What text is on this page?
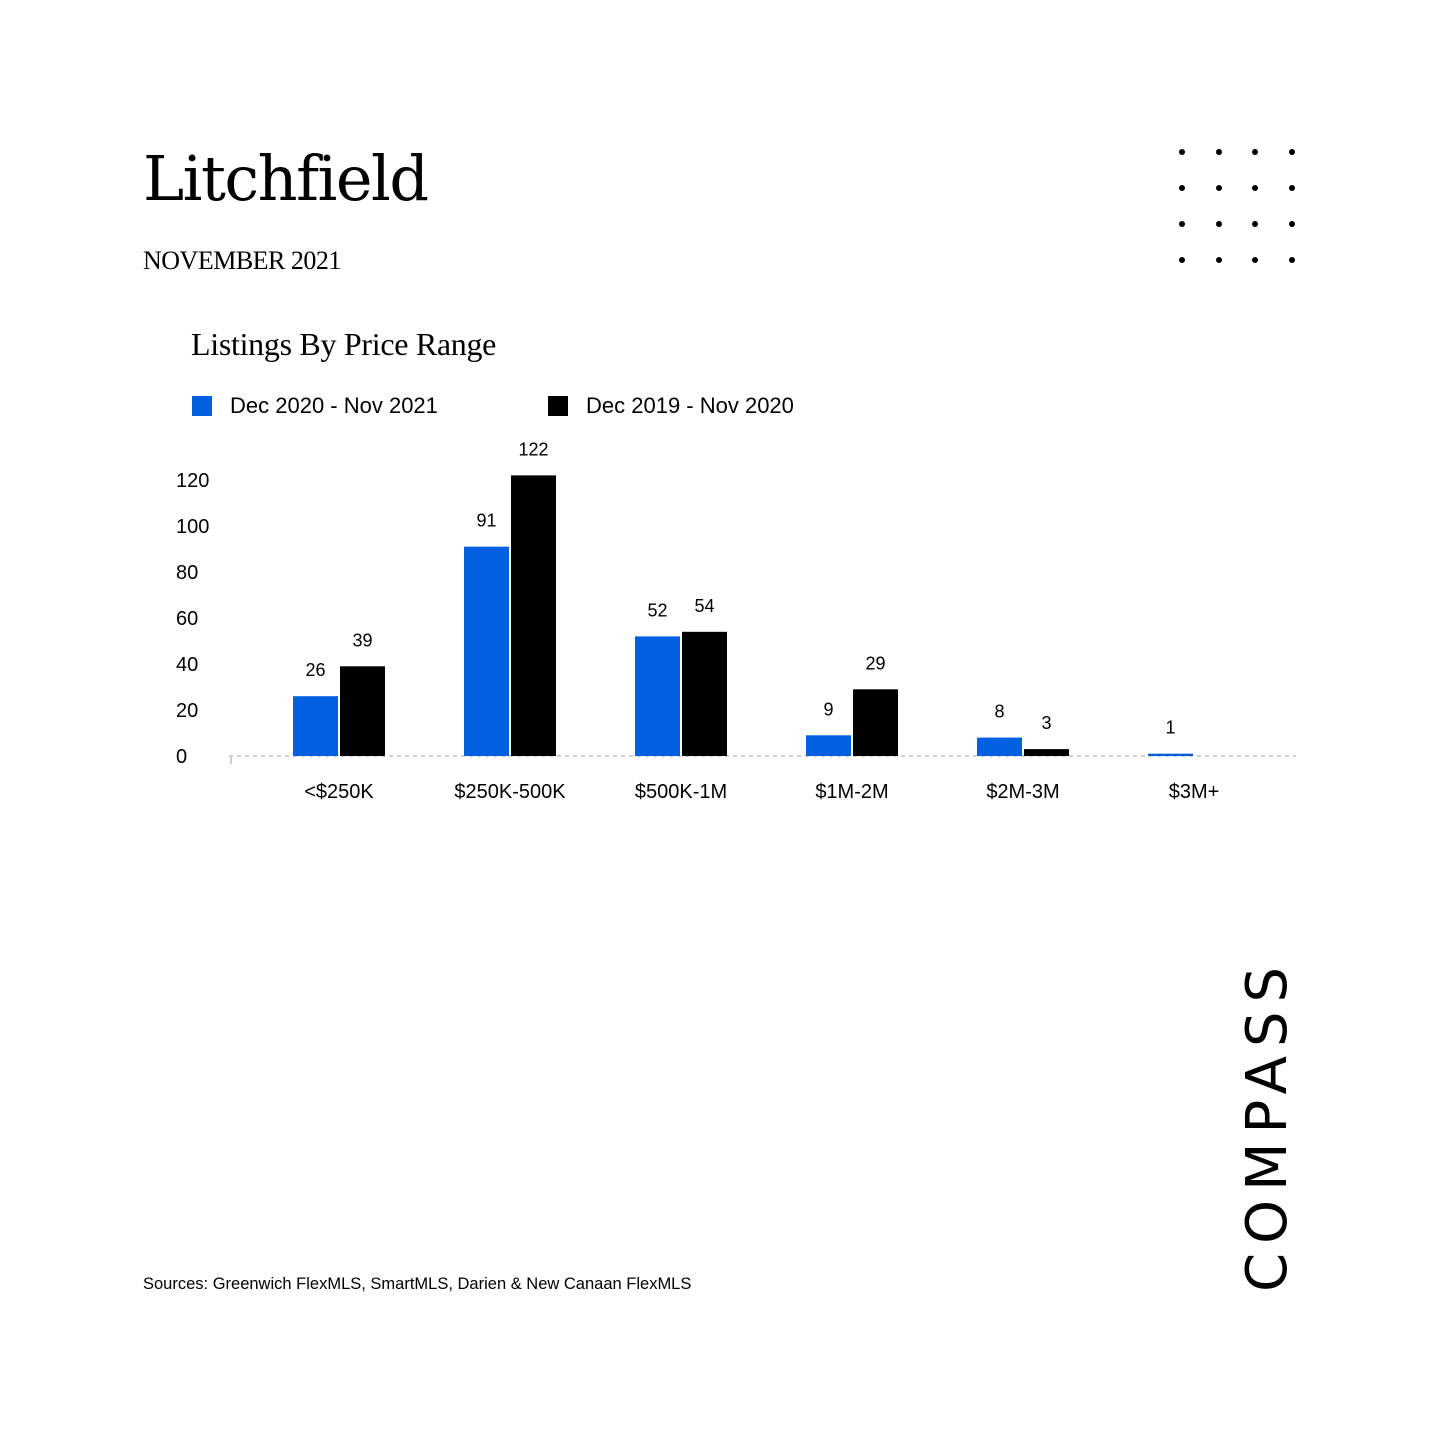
Litchfield
NOVEMBER 2021
Listings By Price Range
Dec 2020 - Nov 2021	Dec 2019 - Nov 2020
0
20
40
60
80
100
120
26
39
<$250K
91
122
$250K-500K
52 54
$500K-1M
9
29
$1M-2M
8
3
$2M-3M
1
$3M+
Sources: Greenwich FlexMLS, SmartMLS, Darien & New Canaan FlexMLS	COMPASS
